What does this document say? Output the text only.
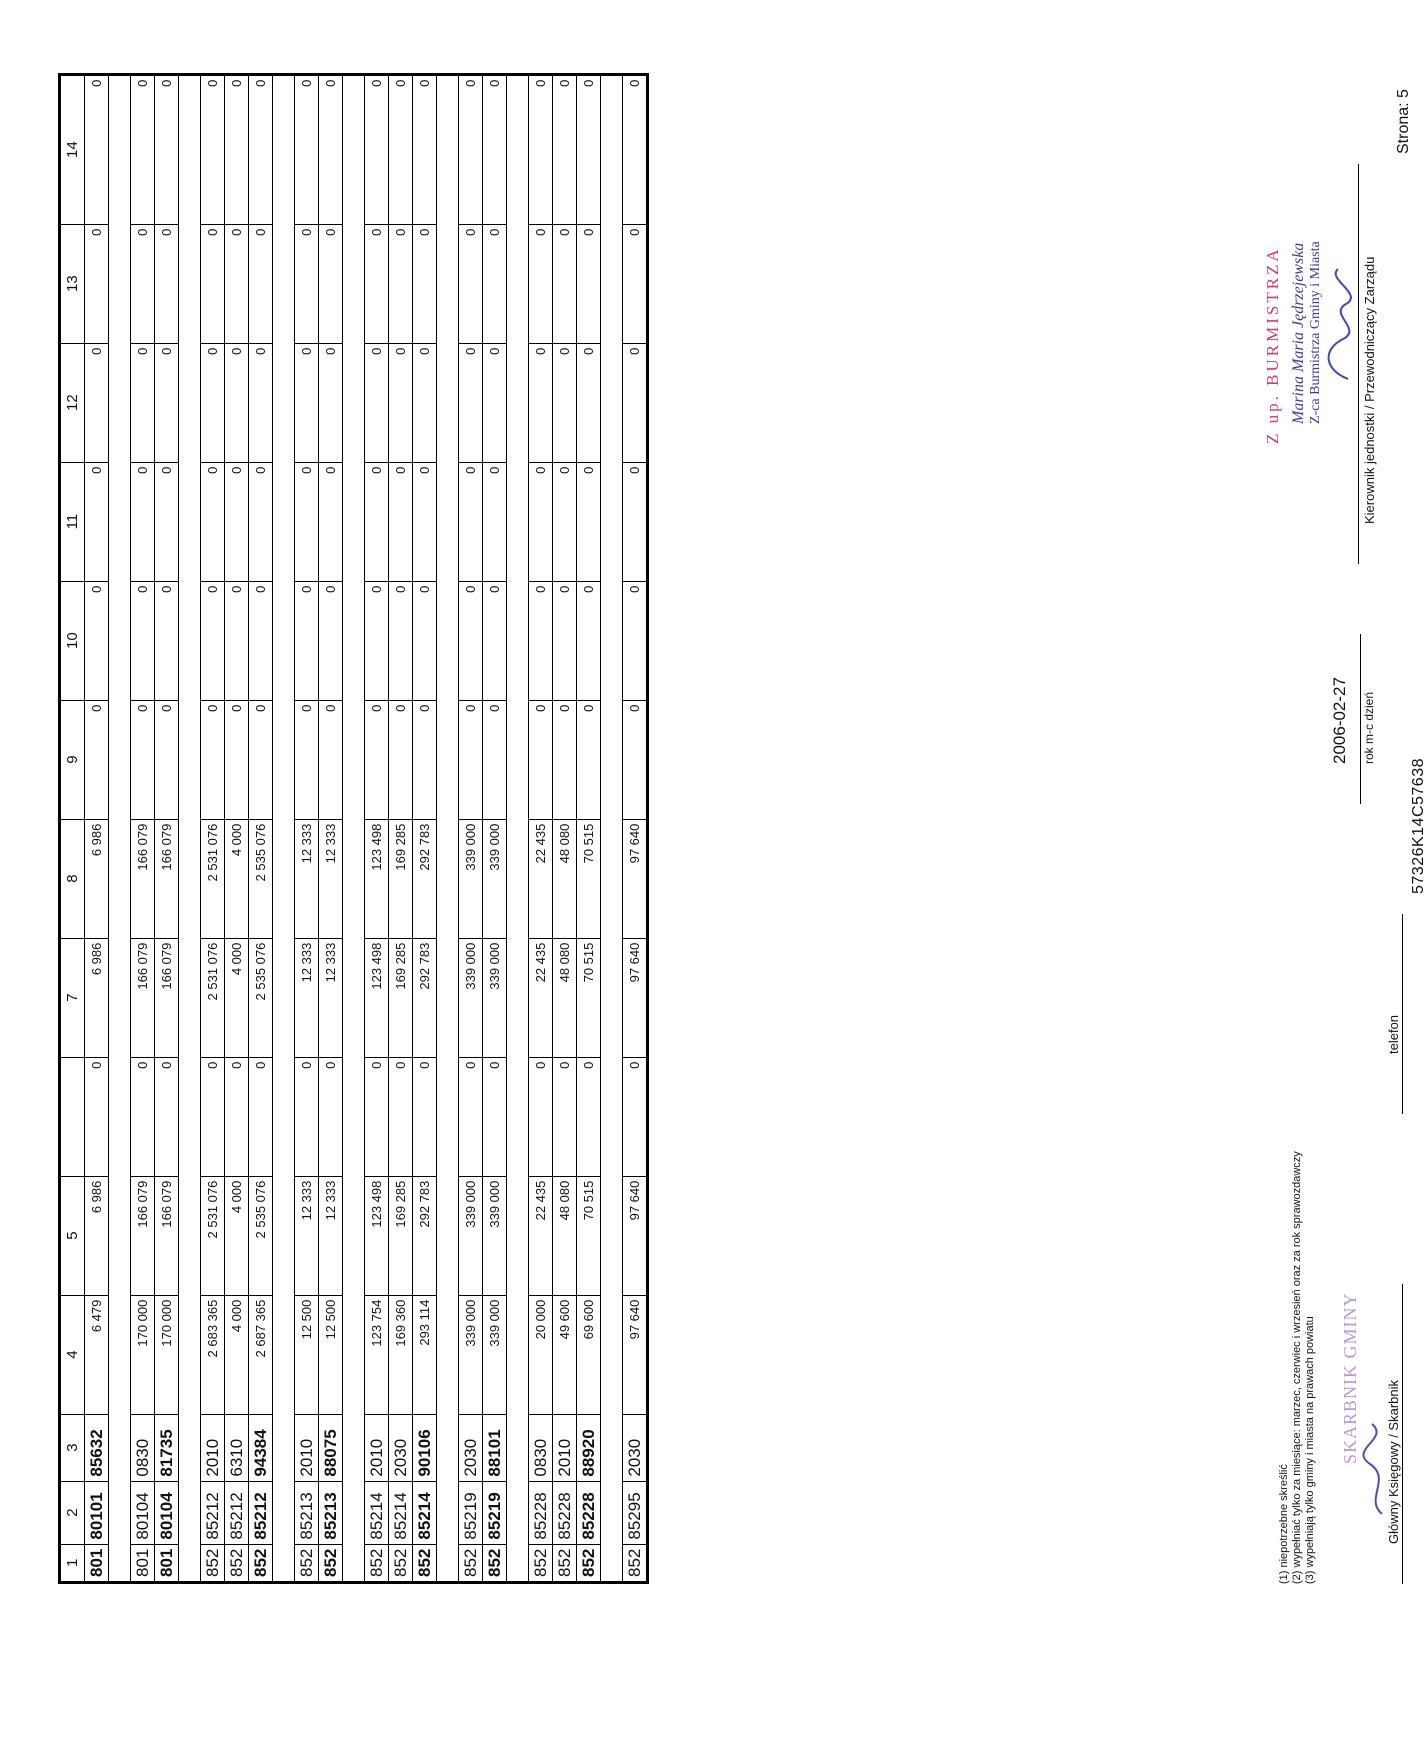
1	2	3	4	5		7	8	9	10	11	12	13	14
801	80101	85632	6 479	6 986	0	6 986	6 986	0	0	0	0	0	0

801	80104	0830	170 000	166 079	0	166 079	166 079	0	0	0	0	0	0
801	80104	81735	170 000	166 079	0	166 079	166 079	0	0	0	0	0	0

852	85212	2010	2 683 365	2 531 076	0	2 531 076	2 531 076	0	0	0	0	0	0
852	85212	6310	4 000	4 000	0	4 000	4 000	0	0	0	0	0	0
852	85212	94384	2 687 365	2 535 076	0	2 535 076	2 535 076	0	0	0	0	0	0

852	85213	2010	12 500	12 333	0	12 333	12 333	0	0	0	0	0	0
852	85213	88075	12 500	12 333	0	12 333	12 333	0	0	0	0	0	0

852	85214	2010	123 754	123 498	0	123 498	123 498	0	0	0	0	0	0
852	85214	2030	169 360	169 285	0	169 285	169 285	0	0	0	0	0	0
852	85214	90106	293 114	292 783	0	292 783	292 783	0	0	0	0	0	0

852	85219	2030	339 000	339 000	0	339 000	339 000	0	0	0	0	0	0
852	85219	88101	339 000	339 000	0	339 000	339 000	0	0	0	0	0	0

852	85228	0830	20 000	22 435	0	22 435	22 435	0	0	0	0	0	0
852	85228	2010	49 600	48 080	0	48 080	48 080	0	0	0	0	0	0
852	85228	88920	69 600	70 515	0	70 515	70 515	0	0	0	0	0	0

852	85295	2030	97 640	97 640	0	97 640	97 640	0	0	0	0	0	0
(1) niepotrzebne skreślić (2) wypełniać tylko za miesiące: marzec, czerwiec i wrzesień oraz za rok sprawozdawczy (3) wypełniają tylko gminy i miasta na prawach powiatu SKARBNIK GMINY Główny Księgowy / Skarbnik
telefon
2006-02-27 rok m-c dzień
Z up. BURMISTRZA Marina Maria Jędrzejewska Z-ca Burmistrza Gminy i Miasta	Kierownik jednostki / Przewodniczący Zarządu
57326K14C57638
Strona: 5
